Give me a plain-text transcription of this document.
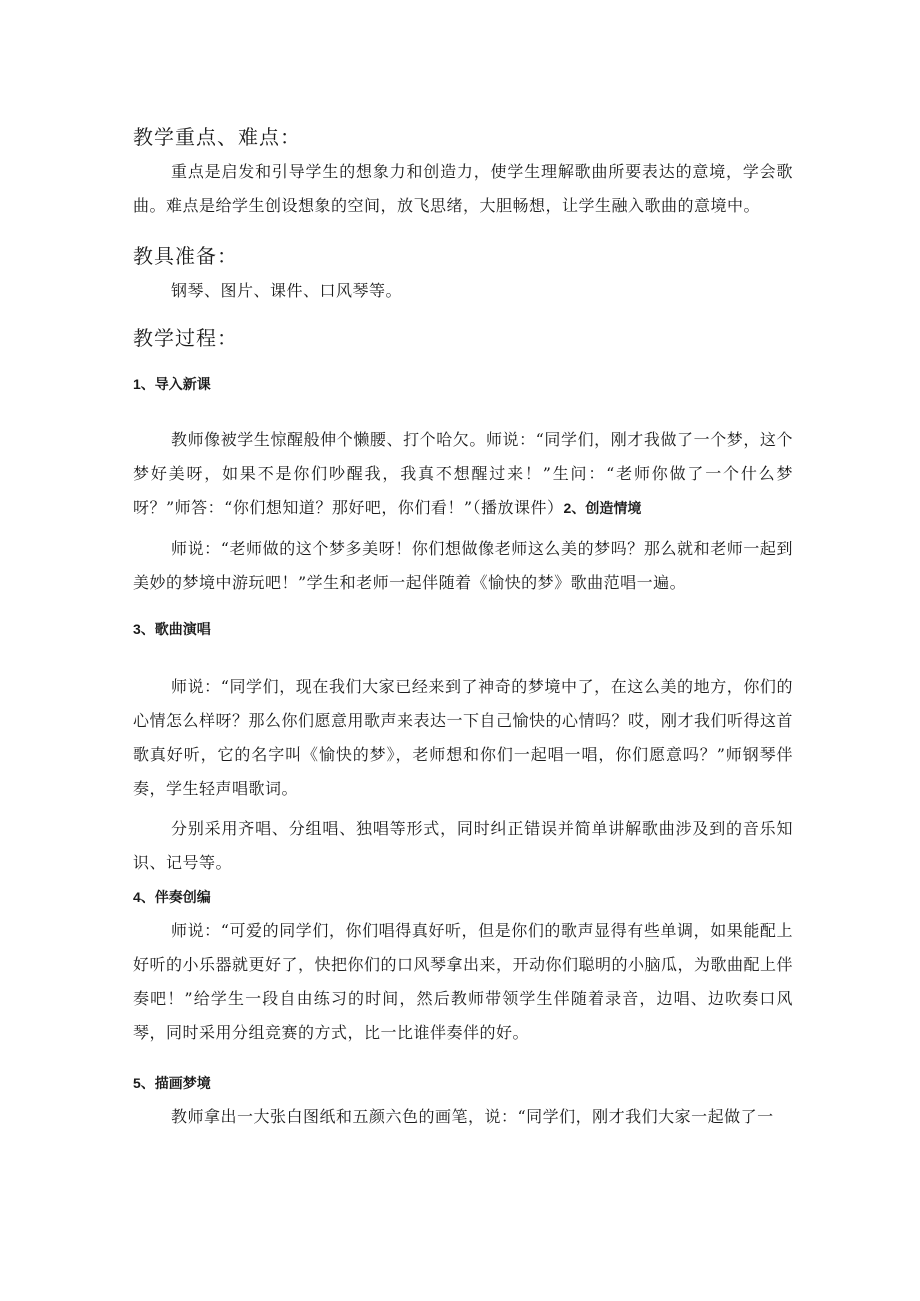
教学重点、难点：

重点是启发和引导学生的想象力和创造力，使学生理解歌曲所要表达的意境，学会歌曲。难点是给学生创设想象的空间，放飞思绪，大胆畅想，让学生融入歌曲的意境中。

教具准备：

钢琴、图片、课件、口风琴等。

教学过程：
1、导入新课

教师像被学生惊醒般伸个懒腰、打个哈欠。师说：“同学们，刚才我做了一个梦，这个梦好美呀，如果不是你们吵醒我，我真不想醒过来！”生问：“老师你做了一个什么梦呀？”师答：“你们想知道？那好吧，你们看！”（播放课件）2、创造情境

师说：“老师做的这个梦多美呀！你们想做像老师这么美的梦吗？那么就和老师一起到美妙的梦境中游玩吧！”学生和老师一起伴随着《愉快的梦》歌曲范唱一遍。

3、歌曲演唱

师说：“同学们，现在我们大家已经来到了神奇的梦境中了，在这么美的地方，你们的心情怎么样呀？那么你们愿意用歌声来表达一下自己愉快的心情吗？哎，刚才我们听得这首歌真好听，它的名字叫《愉快的梦》，老师想和你们一起唱一唱，你们愿意吗？”师钢琴伴奏，学生轻声唱歌词。

分别采用齐唱、分组唱、独唱等形式，同时纠正错误并简单讲解歌曲涉及到的音乐知识、记号等。

4、伴奏创编

师说：“可爱的同学们，你们唱得真好听，但是你们的歌声显得有些单调，如果能配上好听的小乐器就更好了，快把你们的口风琴拿出来，开动你们聪明的小脑瓜，为歌曲配上伴奏吧！”给学生一段自由练习的时间，然后教师带领学生伴随着录音，边唱、边吹奏口风琴，同时采用分组竞赛的方式，比一比谁伴奏伴的好。

5、描画梦境

教师拿出一大张白图纸和五颜六色的画笔，说：“同学们，刚才我们大家一起做了一
